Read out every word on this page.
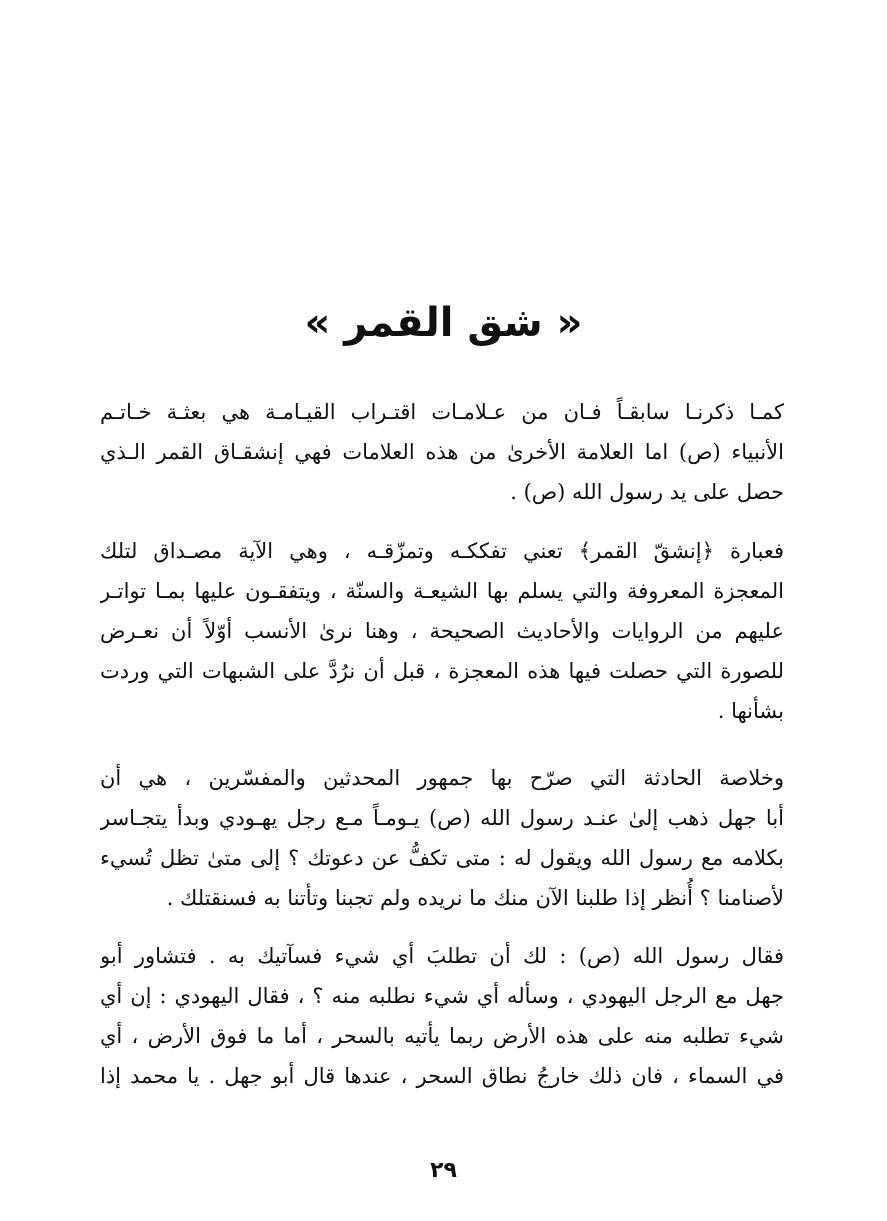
« شق القمر »
كمـا ذكرنـا سابقـاً فـان من عـلامـات اقتـراب القيـامـة هي بعثـة خـاتـم
الأنبياء (ص) اما العلامة الأخرىٰ من هذه العلامات فهي إنشقـاق القمر الـذي
حصل على يد رسول الله (ص) .
فعبارة ﴿إنشقّ القمر﴾ تعني تفككـه وتمزّقـه ، وهي الآية مصـداق لتلك
المعجزة المعروفة والتي يسلم بها الشيعـة والسنّة ، ويتفقـون عليها بمـا تواتـر
عليهم من الروايات والأحاديث الصحيحة ، وهنا نرىٰ الأنسب أوّلاً أن نعـرض
للصورة التي حصلت فيها هذه المعجزة ، قبل أن نرُدَّ على الشبهات التي وردت
بشأنها .
وخلاصة الحادثة التي صرّح بها جمهور المحدثين والمفسّرين ، هي أن
أبا جهل ذهب إلىٰ عنـد رسول الله (ص) يـومـاً مـع رجل يهـودي وبدأ يتجـاسر
بكلامه مع رسول الله ويقول له : متى تكفُّ عن دعوتك ؟ إلى متىٰ تظل تُسيء
لأصنامنا ؟ أُنظر إذا طلبنا الآن منك ما نريده ولم تجبنا وتأتنا به فسنقتلك .
فقال رسول الله (ص) : لك أن تطلبَ أي شيء فسآتيك به . فتشاور أبو
جهل مع الرجل اليهودي ، وسأله أي شيء نطلبه منه ؟ ، فقال اليهودي : إن أي
شيء تطلبه منه على هذه الأرض ربما يأتيه بالسحر ، أما ما فوق الأرض ، أي
في السماء ، فان ذلك خارجُ نطاق السحر ، عندها قال أبو جهل . يا محمد إذا
٢٩
